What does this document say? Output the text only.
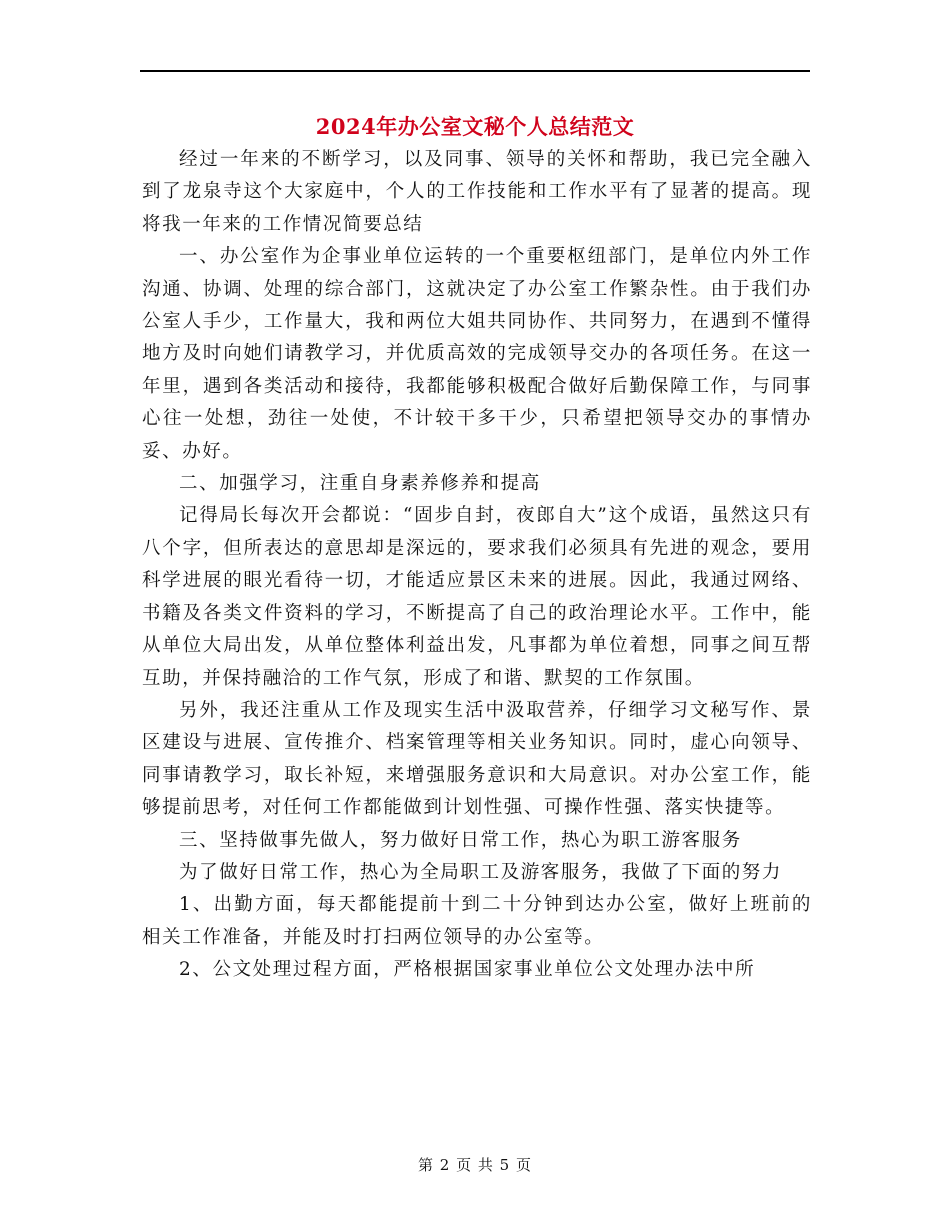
2024年办公室文秘个人总结范文

经过一年来的不断学习，以及同事、领导的关怀和帮助，我已完全融入到了龙泉寺这个大家庭中，个人的工作技能和工作水平有了显著的提高。现将我一年来的工作情况简要总结

一、办公室作为企事业单位运转的一个重要枢纽部门，是单位内外工作沟通、协调、处理的综合部门，这就决定了办公室工作繁杂性。由于我们办公室人手少，工作量大，我和两位大姐共同协作、共同努力，在遇到不懂得地方及时向她们请教学习，并优质高效的完成领导交办的各项任务。在这一年里，遇到各类活动和接待，我都能够积极配合做好后勤保障工作，与同事心往一处想，劲往一处使，不计较干多干少，只希望把领导交办的事情办妥、办好。

二、加强学习，注重自身素养修养和提高

记得局长每次开会都说：“固步自封，夜郎自大”这个成语，虽然这只有八个字，但所表达的意思却是深远的，要求我们必须具有先进的观念，要用科学进展的眼光看待一切，才能适应景区未来的进展。因此，我通过网络、书籍及各类文件资料的学习，不断提高了自己的政治理论水平。工作中，能从单位大局出发，从单位整体利益出发，凡事都为单位着想，同事之间互帮互助，并保持融洽的工作气氛，形成了和谐、默契的工作氛围。

另外，我还注重从工作及现实生活中汲取营养，仔细学习文秘写作、景区建设与进展、宣传推介、档案管理等相关业务知识。同时，虚心向领导、同事请教学习，取长补短，来增强服务意识和大局意识。对办公室工作，能够提前思考，对任何工作都能做到计划性强、可操作性强、落实快捷等。

三、坚持做事先做人，努力做好日常工作，热心为职工游客服务

为了做好日常工作，热心为全局职工及游客服务，我做了下面的努力

1、出勤方面，每天都能提前十到二十分钟到达办公室，做好上班前的相关工作准备，并能及时打扫两位领导的办公室等。

2、公文处理过程方面，严格根据国家事业单位公文处理办法中所

第 2 页 共 5 页
